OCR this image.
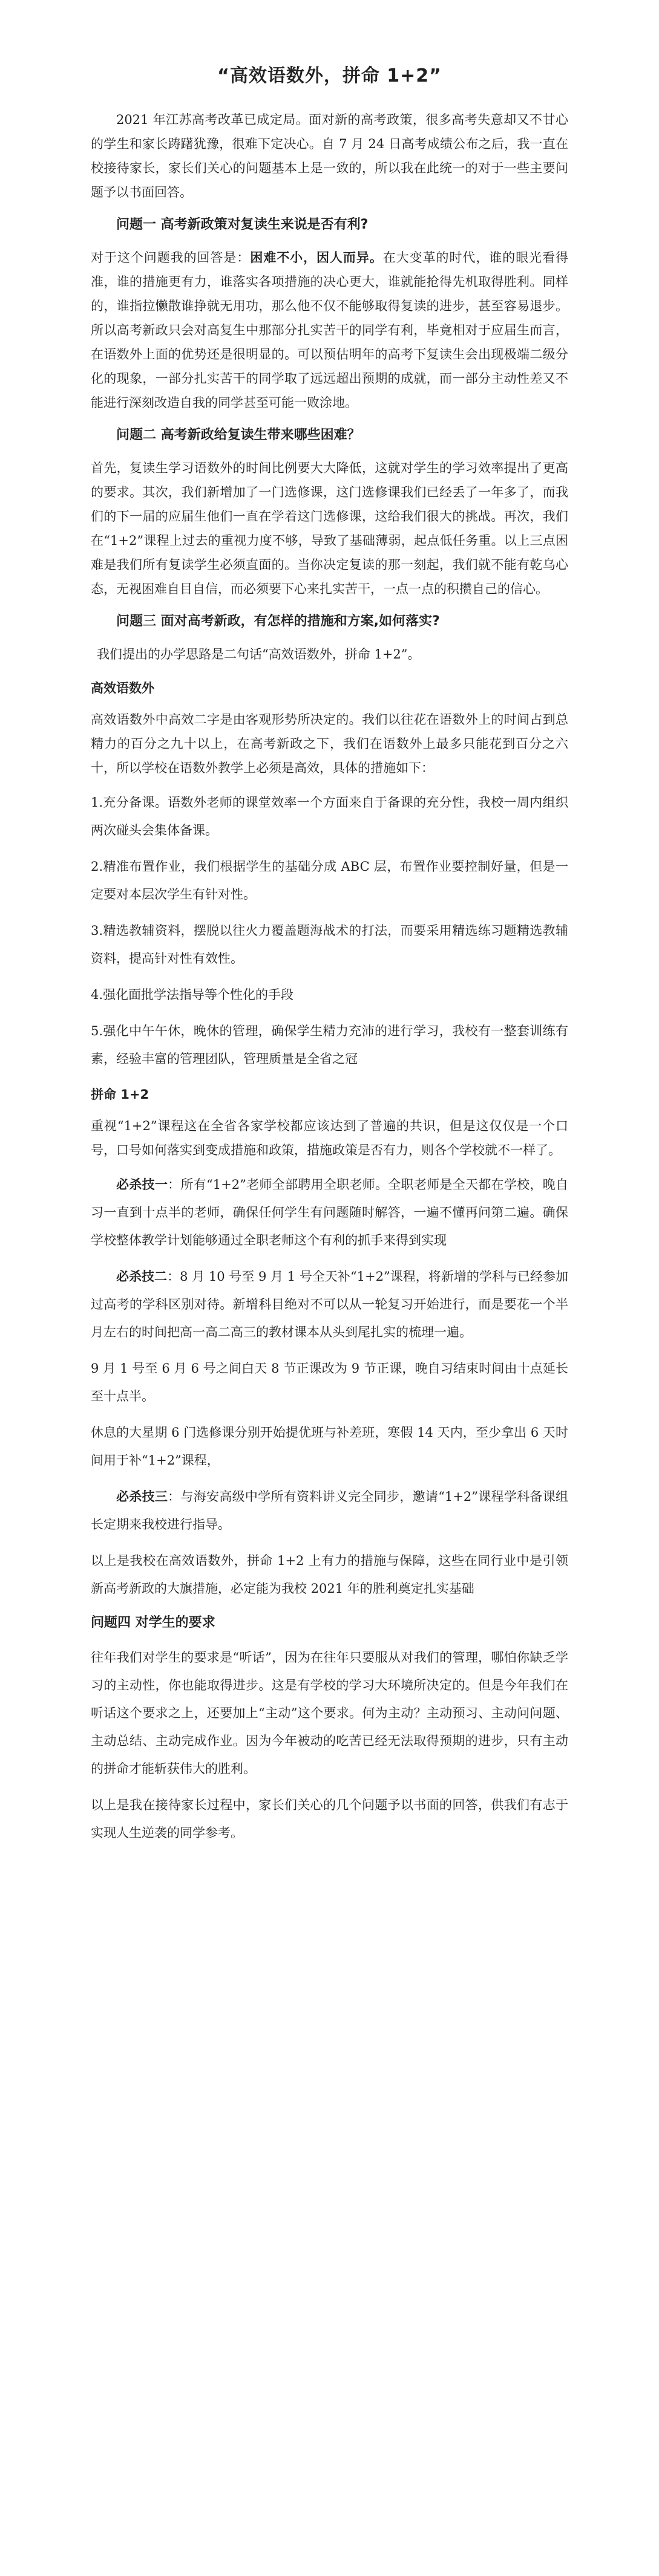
“高效语数外，拼命 1+2”

2021 年江苏高考改革已成定局。面对新的高考政策，很多高考失意却又不甘心的学生和家长踌躇犹豫，很难下定决心。自 7 月 24 日高考成绩公布之后，我一直在校接待家长，家长们关心的问题基本上是一致的，所以我在此统一的对于一些主要问题予以书面回答。

问题一 高考新政策对复读生来说是否有利?

对于这个问题我的回答是：困难不小，因人而异。在大变革的时代，谁的眼光看得准，谁的措施更有力，谁落实各项措施的决心更大，谁就能抢得先机取得胜利。同样的，谁指拉懒散谁挣就无用功，那么他不仅不能够取得复读的进步，甚至容易退步。所以高考新政只会对高复生中那部分扎实苦干的同学有利，毕竟相对于应届生而言，在语数外上面的优势还是很明显的。可以预估明年的高考下复读生会出现极端二级分化的现象，一部分扎实苦干的同学取了远远超出预期的成就，而一部分主动性差又不能进行深刻改造自我的同学甚至可能一败涂地。

问题二 高考新政给复读生带来哪些困难？

首先，复读生学习语数外的时间比例要大大降低，这就对学生的学习效率提出了更高的要求。其次，我们新增加了一门选修课，这门选修课我们已经丢了一年多了，而我们的下一届的应届生他们一直在学着这门选修课，这给我们很大的挑战。再次，我们在“1+2”课程上过去的重视力度不够，导致了基础薄弱，起点低任务重。以上三点困难是我们所有复读学生必须直面的。当你决定复读的那一刻起，我们就不能有乾乌心态，无视困难自目自信，而必须要下心来扎实苦干，一点一点的积攒自己的信心。

问题三 面对高考新政，有怎样的措施和方案,如何落实?

我们提出的办学思路是二句话“高效语数外，拼命 1+2”。

高效语数外

高效语数外中高效二字是由客观形势所决定的。我们以往花在语数外上的时间占到总精力的百分之九十以上，在高考新政之下，我们在语数外上最多只能花到百分之六十，所以学校在语数外教学上必须是高效，具体的措施如下：

1.充分备课。语数外老师的课堂效率一个方面来自于备课的充分性，我校一周内组织两次碰头会集体备课。

2.精准布置作业，我们根据学生的基础分成 ABC 层，布置作业要控制好量，但是一定要对本层次学生有针对性。

3.精选教辅资料，摆脱以往火力覆盖题海战术的打法，而要采用精选练习题精选教辅资料，提高针对性有效性。

4.强化面批学法指导等个性化的手段

5.强化中午午休，晚休的管理，确保学生精力充沛的进行学习，我校有一整套训练有素，经验丰富的管理团队，管理质量是全省之冠

拼命 1+2

重视“1+2”课程这在全省各家学校都应该达到了普遍的共识，但是这仅仅是一个口号，口号如何落实到变成措施和政策，措施政策是否有力，则各个学校就不一样了。

必杀技一：所有“1+2”老师全部聘用全职老师。全职老师是全天都在学校，晚自习一直到十点半的老师，确保任何学生有问题随时解答，一遍不懂再问第二遍。确保学校整体教学计划能够通过全职老师这个有利的抓手来得到实现

必杀技二：8 月 10 号至 9 月 1 号全天补“1+2”课程，将新增的学科与已经参加过高考的学科区别对待。新增科目绝对不可以从一轮复习开始进行，而是要花一个半月左右的时间把高一高二高三的教材课本从头到尾扎实的梳理一遍。

9 月 1 号至 6 月 6 号之间白天 8 节正课改为 9 节正课，晚自习结束时间由十点延长至十点半。

休息的大星期 6 门选修课分别开始提优班与补差班，寒假 14 天内，至少拿出 6 天时间用于补“1+2”课程，

必杀技三：与海安高级中学所有资料讲义完全同步，邀请“1+2”课程学科备课组长定期来我校进行指导。

以上是我校在高效语数外，拼命 1+2 上有力的措施与保障，这些在同行业中是引领新高考新政的大旗措施，必定能为我校 2021 年的胜利奠定扎实基础

问题四 对学生的要求

往年我们对学生的要求是“听话”，因为在往年只要服从对我们的管理，哪怕你缺乏学习的主动性，你也能取得进步。这是有学校的学习大环境所决定的。但是今年我们在听话这个要求之上，还要加上“主动”这个要求。何为主动？主动预习、主动问问题、主动总结、主动完成作业。因为今年被动的吃苦已经无法取得预期的进步，只有主动的拼命才能斩获伟大的胜利。

以上是我在接待家长过程中，家长们关心的几个问题予以书面的回答，供我们有志于实现人生逆袭的同学参考。
